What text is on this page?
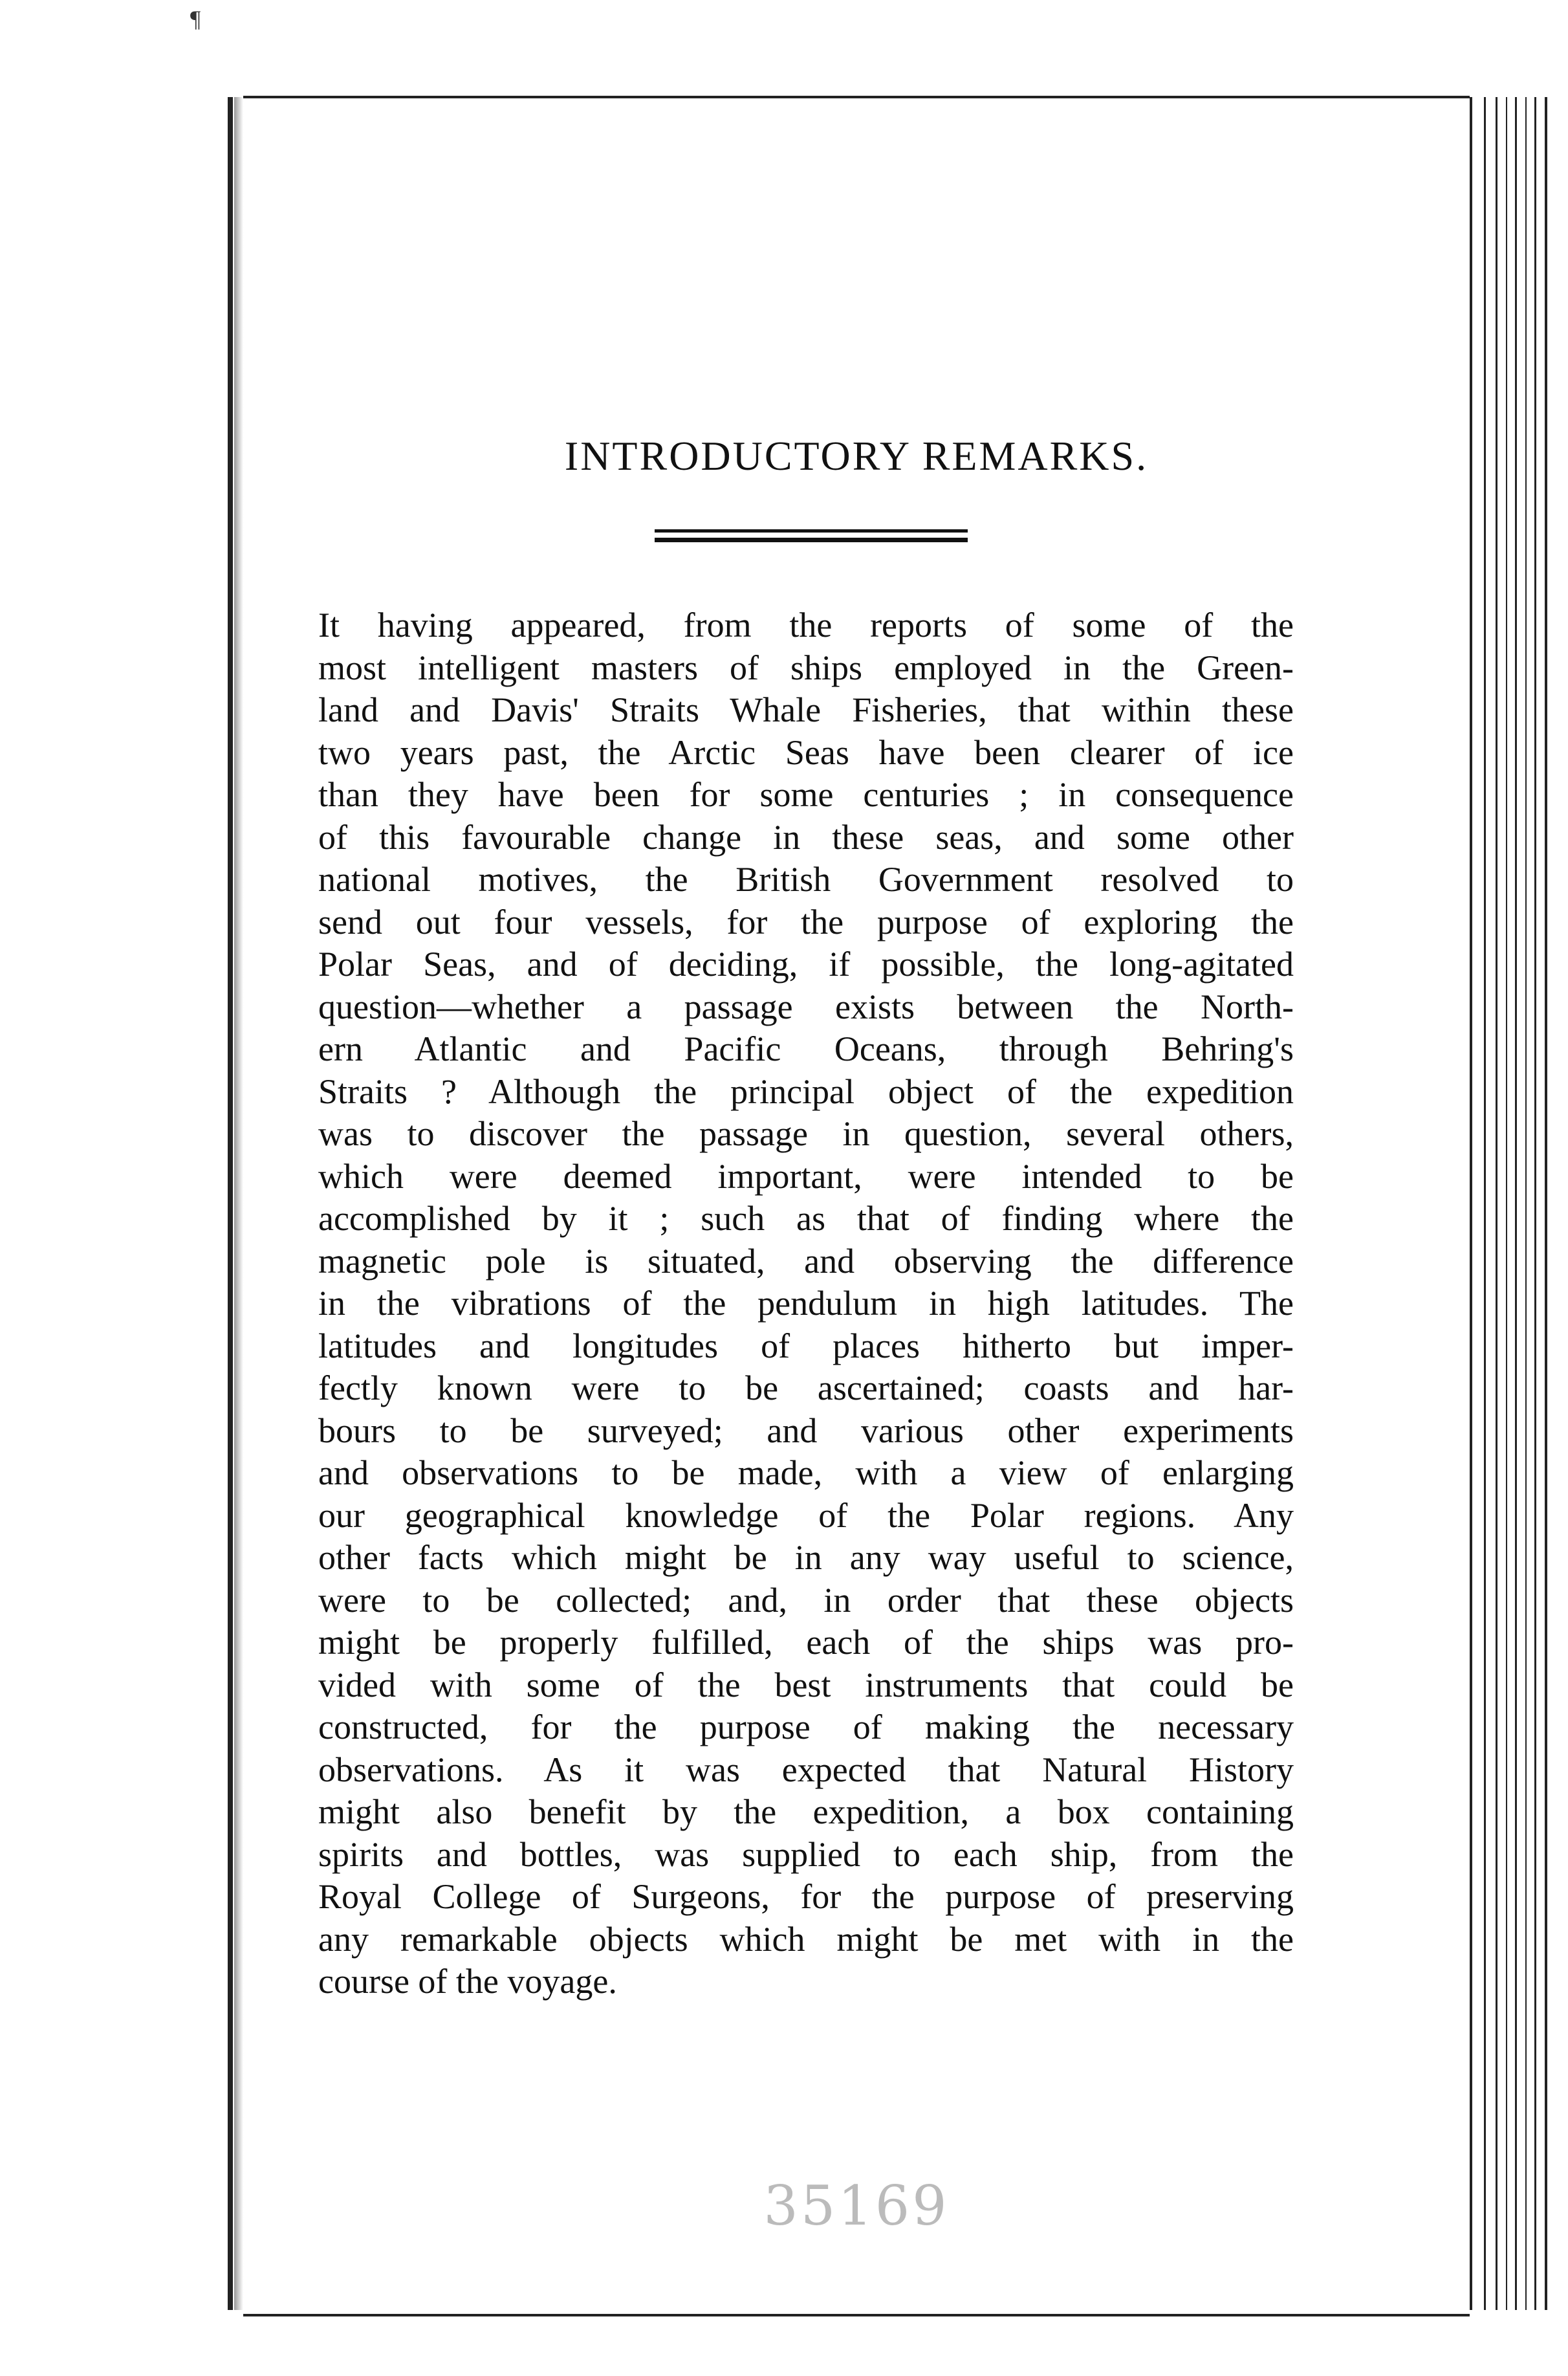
¶
INTRODUCTORY REMARKS.
It having appeared, from the reports of some of the
most intelligent masters of ships employed in the Green-
land and Davis' Straits Whale Fisheries, that within these
two years past, the Arctic Seas have been clearer of ice
than they have been for some centuries ; in consequence
of this favourable change in these seas, and some other
national motives, the British Government resolved to
send out four vessels, for the purpose of exploring the
Polar Seas, and of deciding, if possible, the long-agitated
question—whether a passage exists between the North-
ern Atlantic and Pacific Oceans, through Behring's
Straits ? Although the principal object of the expedition
was to discover the passage in question, several others,
which were deemed important, were intended to be
accomplished by it ; such as that of finding where the
magnetic pole is situated, and observing the difference
in the vibrations of the pendulum in high latitudes. The
latitudes and longitudes of places hitherto but imper-
fectly known were to be ascertained; coasts and har-
bours to be surveyed; and various other experiments
and observations to be made, with a view of enlarging
our geographical knowledge of the Polar regions. Any
other facts which might be in any way useful to science,
were to be collected; and, in order that these objects
might be properly fulfilled, each of the ships was pro-
vided with some of the best instruments that could be
constructed, for the purpose of making the necessary
observations. As it was expected that Natural History
might also benefit by the expedition, a box containing
spirits and bottles, was supplied to each ship, from the
Royal College of Surgeons, for the purpose of preserving
any remarkable objects which might be met with in the
course of the voyage.
35169
